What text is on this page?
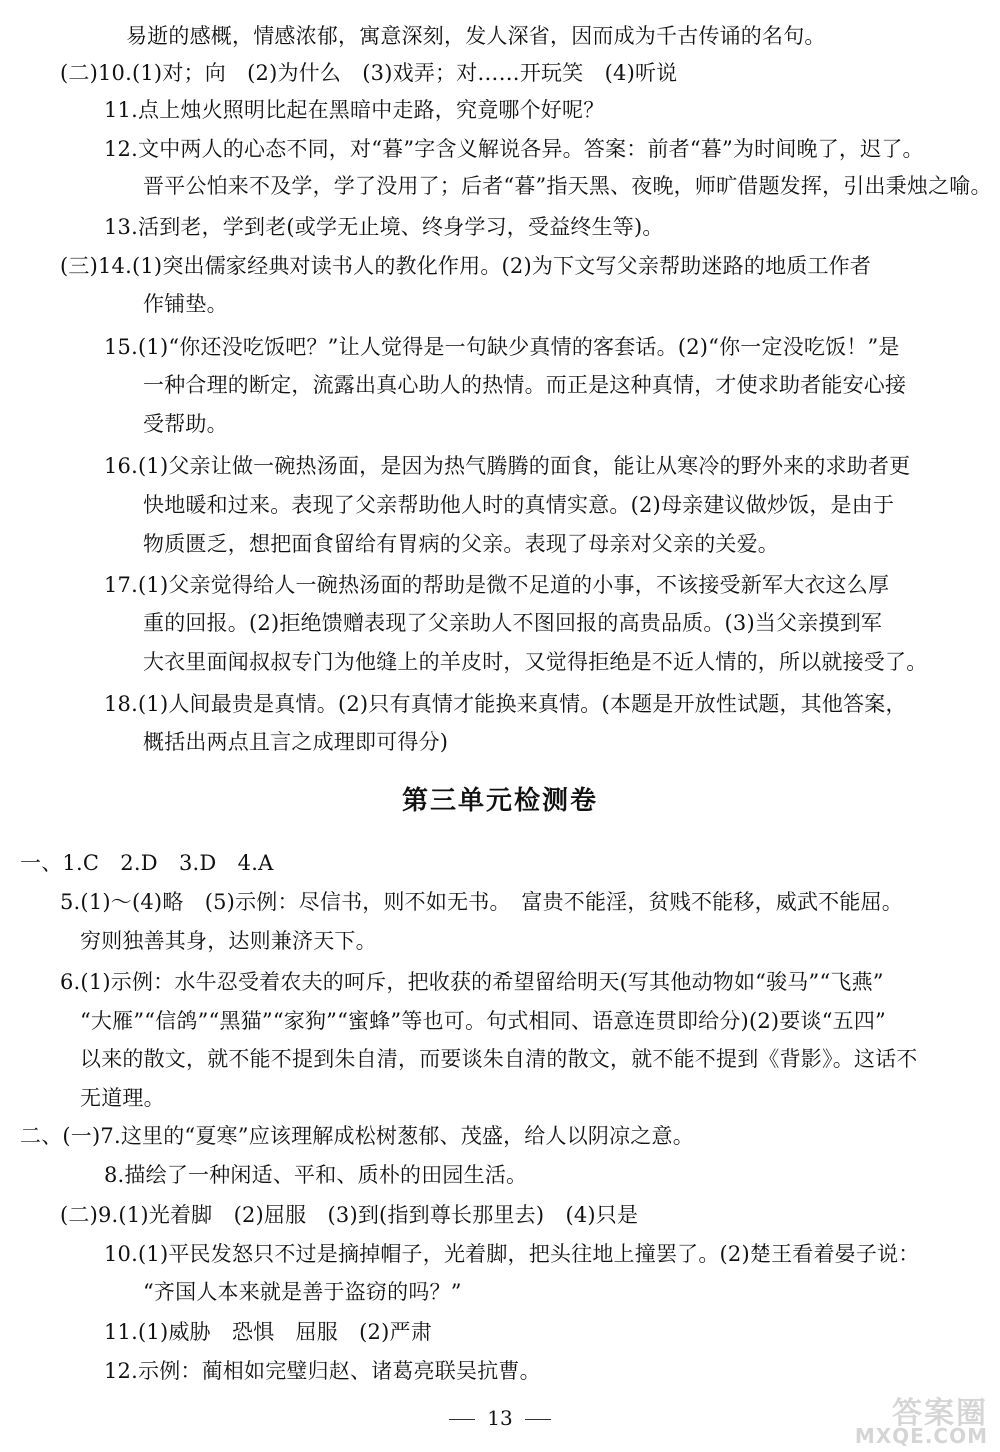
易逝的感概，情感浓郁，寓意深刻，发人深省，因而成为千古传诵的名句。
(二)10.(1)对；向　(2)为什么　(3)戏弄；对……开玩笑　(4)听说
11.点上烛火照明比起在黑暗中走路，究竟哪个好呢？
12.文中两人的心态不同，对“暮”字含义解说各异。答案：前者“暮”为时间晚了，迟了。
晋平公怕来不及学，学了没用了；后者“暮”指天黑、夜晚，师旷借题发挥，引出秉烛之喻。
13.活到老，学到老(或学无止境、终身学习，受益终生等)。
(三)14.(1)突出儒家经典对读书人的教化作用。(2)为下文写父亲帮助迷路的地质工作者
作铺垫。
15.(1)“你还没吃饭吧？”让人觉得是一句缺少真情的客套话。(2)“你一定没吃饭！”是
一种合理的断定，流露出真心助人的热情。而正是这种真情，才使求助者能安心接
受帮助。
16.(1)父亲让做一碗热汤面，是因为热气腾腾的面食，能让从寒冷的野外来的求助者更
快地暖和过来。表现了父亲帮助他人时的真情实意。(2)母亲建议做炒饭，是由于
物质匮乏，想把面食留给有胃病的父亲。表现了母亲对父亲的关爱。
17.(1)父亲觉得给人一碗热汤面的帮助是微不足道的小事，不该接受新军大衣这么厚
重的回报。(2)拒绝馈赠表现了父亲助人不图回报的高贵品质。(3)当父亲摸到军
大衣里面闻叔叔专门为他缝上的羊皮时，又觉得拒绝是不近人情的，所以就接受了。
18.(1)人间最贵是真情。(2)只有真情才能换来真情。(本题是开放性试题，其他答案，
概括出两点且言之成理即可得分)
第三单元检测卷
一、1.C　2.D　3.D　4.A
5.(1)～(4)略　(5)示例：尽信书，则不如无书。　富贵不能淫，贫贱不能移，威武不能屈。
穷则独善其身，达则兼济天下。
6.(1)示例：水牛忍受着农夫的呵斥，把收获的希望留给明天(写其他动物如“骏马”“飞燕”
“大雁”“信鸽”“黑猫”“家狗”“蜜蜂”等也可。句式相同、语意连贯即给分)(2)要谈“五四”
以来的散文，就不能不提到朱自清，而要谈朱自清的散文，就不能不提到《背影》。这话不
无道理。
二、(一)7.这里的“夏寒”应该理解成松树葱郁、茂盛，给人以阴凉之意。
8.描绘了一种闲适、平和、质朴的田园生活。
(二)9.(1)光着脚　(2)屈服　(3)到(指到尊长那里去)　(4)只是
10.(1)平民发怒只不过是摘掉帽子，光着脚，把头往地上撞罢了。(2)楚王看着晏子说：
“齐国人本来就是善于盗窃的吗？”
11.(1)威胁　恐惧　屈服　(2)严肃
12.示例：蔺相如完璧归赵、诸葛亮联吴抗曹。
13	答案圈
MXQE.COM
